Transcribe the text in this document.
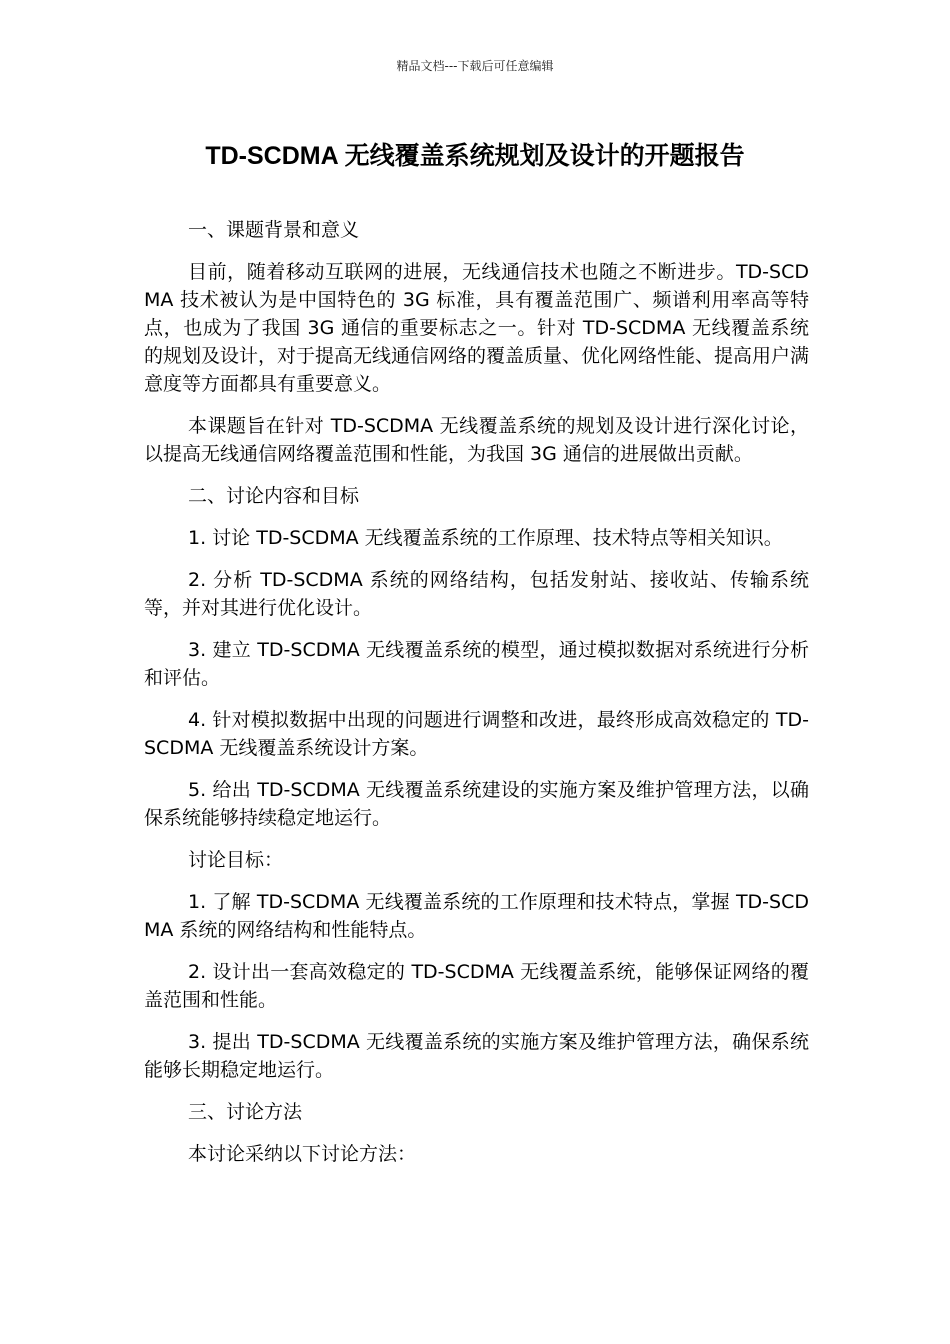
精品文档---下载后可任意编辑
TD-SCDMA 无线覆盖系统规划及设计的开题报告

一、课题背景和意义

目前，随着移动互联网的进展，无线通信技术也随之不断进步。TD-SCDMA 技术被认为是中国特色的 3G 标准，具有覆盖范围广、频谱利用率高等特点，也成为了我国 3G 通信的重要标志之一。针对 TD-SCDMA 无线覆盖系统的规划及设计，对于提高无线通信网络的覆盖质量、优化网络性能、提高用户满意度等方面都具有重要意义。

本课题旨在针对 TD-SCDMA 无线覆盖系统的规划及设计进行深化讨论，以提高无线通信网络覆盖范围和性能，为我国 3G 通信的进展做出贡献。

二、讨论内容和目标

1. 讨论 TD-SCDMA 无线覆盖系统的工作原理、技术特点等相关知识。

2. 分析 TD-SCDMA 系统的网络结构，包括发射站、接收站、传输系统等，并对其进行优化设计。

3. 建立 TD-SCDMA 无线覆盖系统的模型，通过模拟数据对系统进行分析和评估。

4. 针对模拟数据中出现的问题进行调整和改进，最终形成高效稳定的 TD-SCDMA 无线覆盖系统设计方案。

5. 给出 TD-SCDMA 无线覆盖系统建设的实施方案及维护管理方法，以确保系统能够持续稳定地运行。

讨论目标：

1. 了解 TD-SCDMA 无线覆盖系统的工作原理和技术特点，掌握 TD-SCDMA 系统的网络结构和性能特点。

2. 设计出一套高效稳定的 TD-SCDMA 无线覆盖系统，能够保证网络的覆盖范围和性能。

3. 提出 TD-SCDMA 无线覆盖系统的实施方案及维护管理方法，确保系统能够长期稳定地运行。

三、讨论方法

本讨论采纳以下讨论方法：
